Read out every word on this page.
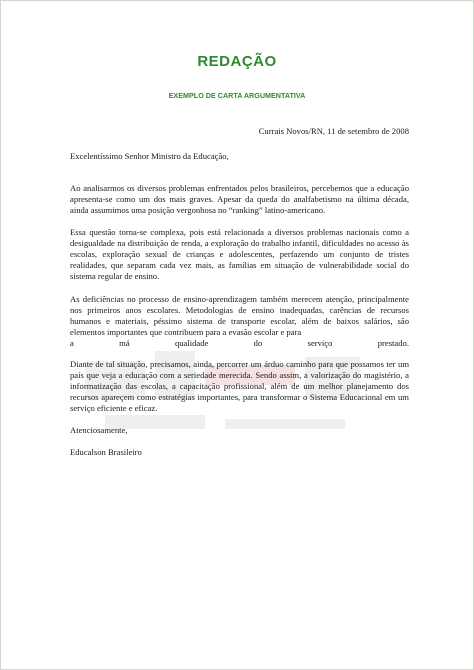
REDAÇÃO
EXEMPLO DE CARTA ARGUMENTATIVA
Currais Novos/RN, 11 de setembro de 2008
Excelentíssimo Senhor Ministro da Educação,
Ao analisarmos os diversos problemas enfrentados pelos brasileiros, percebemos que a educação apresenta-se como um dos mais graves. Apesar da queda do analfabetismo na última década, ainda assumimos uma posição vergonhosa no “ranking” latino-americano.
Essa questão torna-se complexa, pois está relacionada a diversos problemas nacionais como a desigualdade na distribuição de renda, a exploração do trabalho infantil, dificuldades no acesso às escolas, exploração sexual de crianças e adolescentes, perfazendo um conjunto de tristes realidades, que separam cada vez mais, as famílias em situação de vulnerabilidade social do sistema regular de ensino.
As deficiências no processo de ensino-aprendizagem também merecem atenção, principalmente nos primeiros anos escolares. Metodologias de ensino inadequadas, carências de recursos humanos e materiais, péssimo sistema de transporte escolar, além de baixos salários, são elementos importantes que contribuem para a evasão escolar e para
a má qualidade do serviço prestado.
Diante de tal situação, precisamos, ainda, percorrer um árduo caminho para que possamos ter um país que veja a educação com a seriedade merecida. Sendo assim, a valorização do magistério, a informatização das escolas, a capacitação profissional, além de um melhor planejamento dos recursos apareçem como estratégias importantes, para transformar o Sistema Educacional em um serviço eficiente e eficaz.
Atenciosamente,
Educalson Brasileiro
